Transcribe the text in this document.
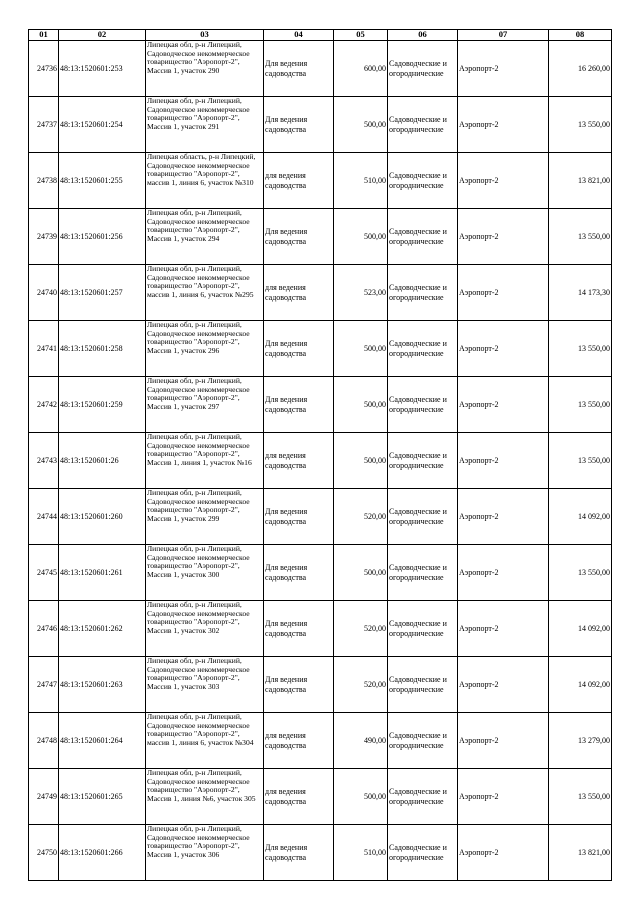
01	02	03	04	05	06	07	08
24736	48:13:1520601:253	Липецкая обл, р-н Липецкий, Садоводческое некоммерческое товарищество "Аэропорт-2", Массив 1, участок 290	Для ведения садоводства	600,00	Садоводческие и огороднические	Аэропорт-2	16 260,00
24737	48:13:1520601:254	Липецкая обл, р-н Липецкий, Садоводческое некоммерческое товарищество "Аэропорт-2", Массив 1, участок 291	Для ведения садоводства	500,00	Садоводческие и огороднические	Аэропорт-2	13 550,00
24738	48:13:1520601:255	Липецкая область, р-н Липецкий, Садоводческое некоммерческое товарищество "Аэропорт-2", массив 1, линия 6, участок №310	для ведения садоводства	510,00	Садоводческие и огороднические	Аэропорт-2	13 821,00
24739	48:13:1520601:256	Липецкая обл, р-н Липецкий, Садоводческое некоммерческое товарищество "Аэропорт-2", Массив 1, участок 294	Для ведения садоводства	500,00	Садоводческие и огороднические	Аэропорт-2	13 550,00
24740	48:13:1520601:257	Липецкая обл, р-н Липецкий, Садоводческое некоммерческое товарищество "Аэропорт-2", массив 1, линия 6, участок №295	для ведения садоводства	523,00	Садоводческие и огороднические	Аэропорт-2	14 173,30
24741	48:13:1520601:258	Липецкая обл, р-н Липецкий, Садоводческое некоммерческое товарищество "Аэропорт-2", Массив 1, участок 296	Для ведения садоводства	500,00	Садоводческие и огороднические	Аэропорт-2	13 550,00
24742	48:13:1520601:259	Липецкая обл, р-н Липецкий, Садоводческое некоммерческое товарищество "Аэропорт-2", Массив 1, участок 297	Для ведения садоводства	500,00	Садоводческие и огороднические	Аэропорт-2	13 550,00
24743	48:13:1520601:26	Липецкая обл, р-н Липецкий, Садоводческое некоммерческое товарищество "Аэропорт-2", Массив 1, линия 1, участок №16	для ведения садоводства	500,00	Садоводческие и огороднические	Аэропорт-2	13 550,00
24744	48:13:1520601:260	Липецкая обл, р-н Липецкий, Садоводческое некоммерческое товарищество "Аэропорт-2", Массив 1, участок 299	Для ведения садоводства	520,00	Садоводческие и огороднические	Аэропорт-2	14 092,00
24745	48:13:1520601:261	Липецкая обл, р-н Липецкий, Садоводческое некоммерческое товарищество "Аэропорт-2", Массив 1, участок 300	Для ведения садоводства	500,00	Садоводческие и огороднические	Аэропорт-2	13 550,00
24746	48:13:1520601:262	Липецкая обл, р-н Липецкий, Садоводческое некоммерческое товарищество "Аэропорт-2", Массив 1, участок 302	Для ведения садоводства	520,00	Садоводческие и огороднические	Аэропорт-2	14 092,00
24747	48:13:1520601:263	Липецкая обл, р-н Липецкий, Садоводческое некоммерческое товарищество "Аэропорт-2", Массив 1, участок 303	Для ведения садоводства	520,00	Садоводческие и огороднические	Аэропорт-2	14 092,00
24748	48:13:1520601:264	Липецкая обл, р-н Липецкий, Садоводческое некоммерческое товарищество "Аэропорт-2", массив 1, линия 6, участок №304	для ведения садоводства	490,00	Садоводческие и огороднические	Аэропорт-2	13 279,00
24749	48:13:1520601:265	Липецкая обл, р-н Липецкий, Садоводческое некоммерческое товарищество "Аэропорт-2", Массив 1, линия №6, участок 305	для ведения садоводства	500,00	Садоводческие и огороднические	Аэропорт-2	13 550,00
24750	48:13:1520601:266	Липецкая обл, р-н Липецкий, Садоводческое некоммерческое товарищество "Аэропорт-2", Массив 1, участок 306	Для ведения садоводства	510,00	Садоводческие и огороднические	Аэропорт-2	13 821,00
